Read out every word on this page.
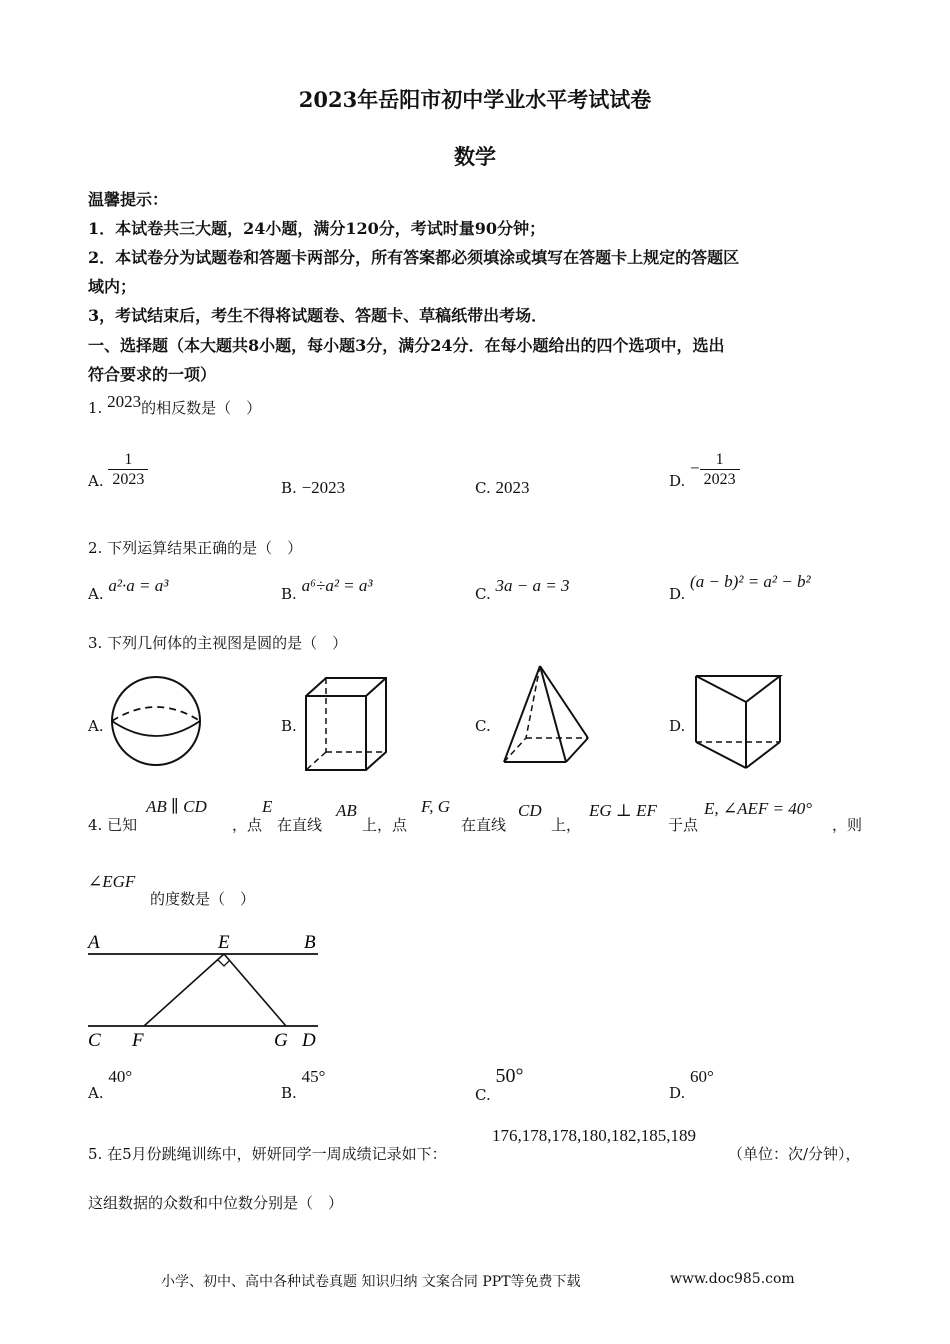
2023年岳阳市初中学业水平考试试卷
数学
温馨提示：
1．本试卷共三大题，24小题，满分120分，考试时量90分钟；
2．本试卷分为试题卷和答题卡两部分，所有答案都必须填涂或填写在答题卡上规定的答题区
域内；
3，考试结束后，考生不得将试题卷、答题卡、草稿纸带出考场．
一、选择题（本大题共8小题，每小题3分，满分24分．在每小题给出的四个选项中，选出
符合要求的一项）
1. 2023的相反数是（　）
A. $\frac{1}{2023}$	B. −2023	C. 2023	D. − $\frac{1}{2023}$
2. 下列运算结果正确的是（　）
A. a²·a = a³	B. a⁶÷a² = a³	C. 3a − a = 3	D. (a − b)² = a² − b²
3. 下列几何体的主视图是圆的是（　）
A.	B.	C.	D.
4. 已知
AB ∥ CD
，点
E
在直线
AB
上，点
F, G
在直线
CD
上，
EG ⊥ EF
于点
E, ∠AEF = 40°
，则
∠EGF
的度数是（　）
A	E	B
C F	G D
A. 40°
B. 45°
C. 50°
D. 60°
5. 在5月份跳绳训练中，妍妍同学一周成绩记录如下：
176,178,178,180,182,185,189
（单位：次/分钟），
这组数据的众数和中位数分别是（　）
小学、初中、高中各种试卷真题 知识归纳 文案合同 PPT等免费下载	www.doc985.com
